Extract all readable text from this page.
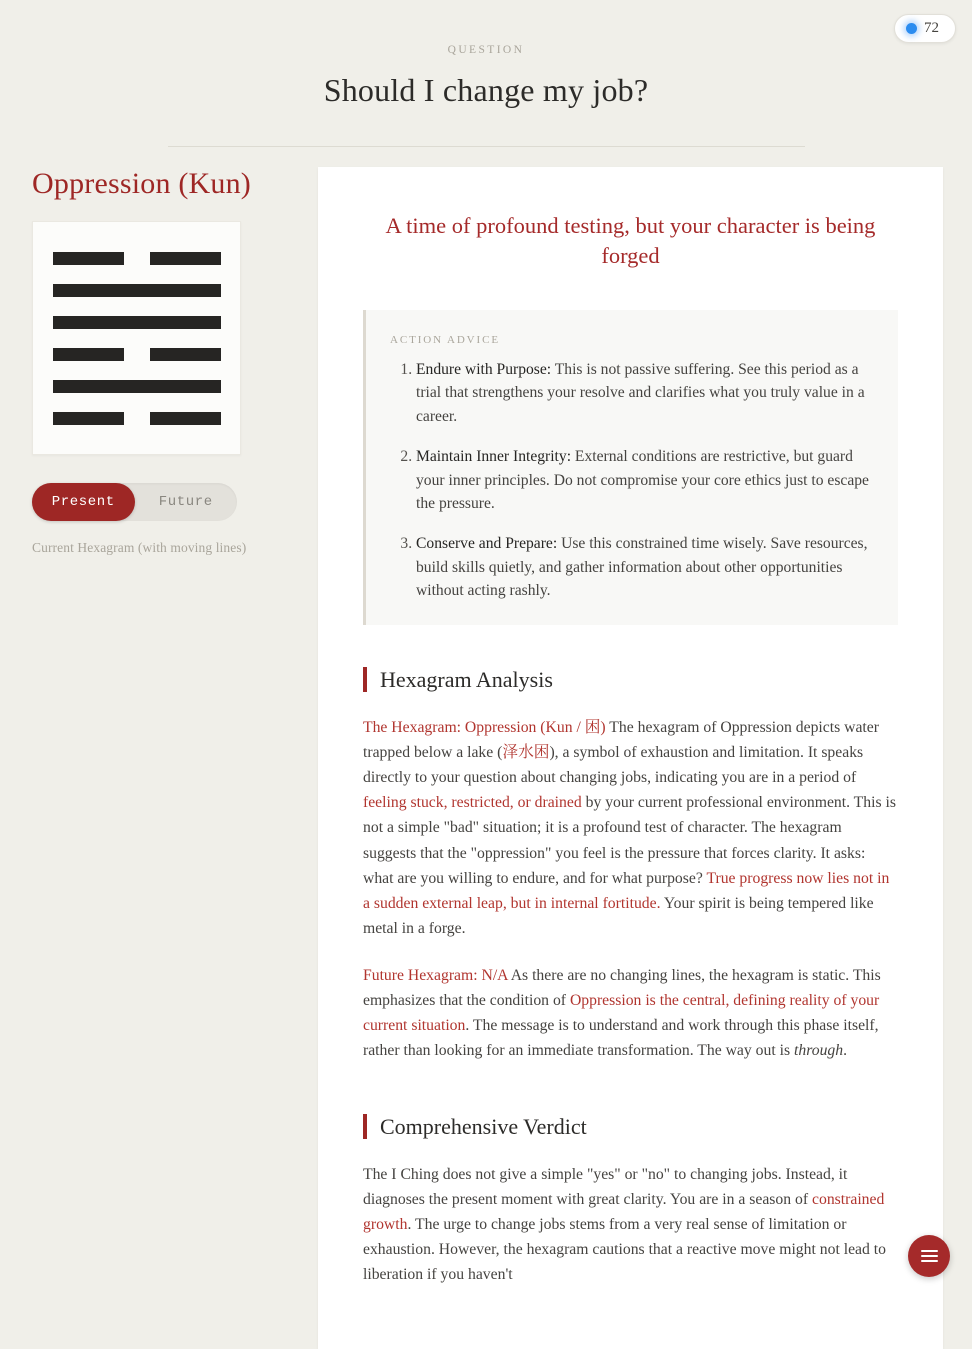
72
QUESTION
Should I change my job?
Oppression (Kun)
Present	Future
Current Hexagram (with moving lines)
A time of profound testing, but your character is being forged
ACTION ADVICE
1. Endure with Purpose: This is not passive suffering. See this period as a trial that strengthens your resolve and clarifies what you truly value in a career.
2. Maintain Inner Integrity: External conditions are restrictive, but guard your inner principles. Do not compromise your core ethics just to escape the pressure.
3. Conserve and Prepare: Use this constrained time wisely. Save resources, build skills quietly, and gather information about other opportunities without acting rashly.
Hexagram Analysis

The Hexagram: Oppression (Kun / 困) The hexagram of Oppression depicts water trapped below a lake (泽水困), a symbol of exhaustion and limitation. It speaks directly to your question about changing jobs, indicating you are in a period of feeling stuck, restricted, or drained by your current professional environment. This is not a simple "bad" situation; it is a profound test of character. The hexagram suggests that the "oppression" you feel is the pressure that forces clarity. It asks: what are you willing to endure, and for what purpose? True progress now lies not in a sudden external leap, but in internal fortitude. Your spirit is being tempered like metal in a forge.

Future Hexagram: N/A As there are no changing lines, the hexagram is static. This emphasizes that the condition of Oppression is the central, defining reality of your current situation. The message is to understand and work through this phase itself, rather than looking for an immediate transformation. The way out is through.

Comprehensive Verdict

The I Ching does not give a simple "yes" or "no" to changing jobs. Instead, it diagnoses the present moment with great clarity. You are in a season of constrained growth. The urge to change jobs stems from a very real sense of limitation or exhaustion. However, the hexagram cautions that a reactive move might not lead to liberation if you haven't
